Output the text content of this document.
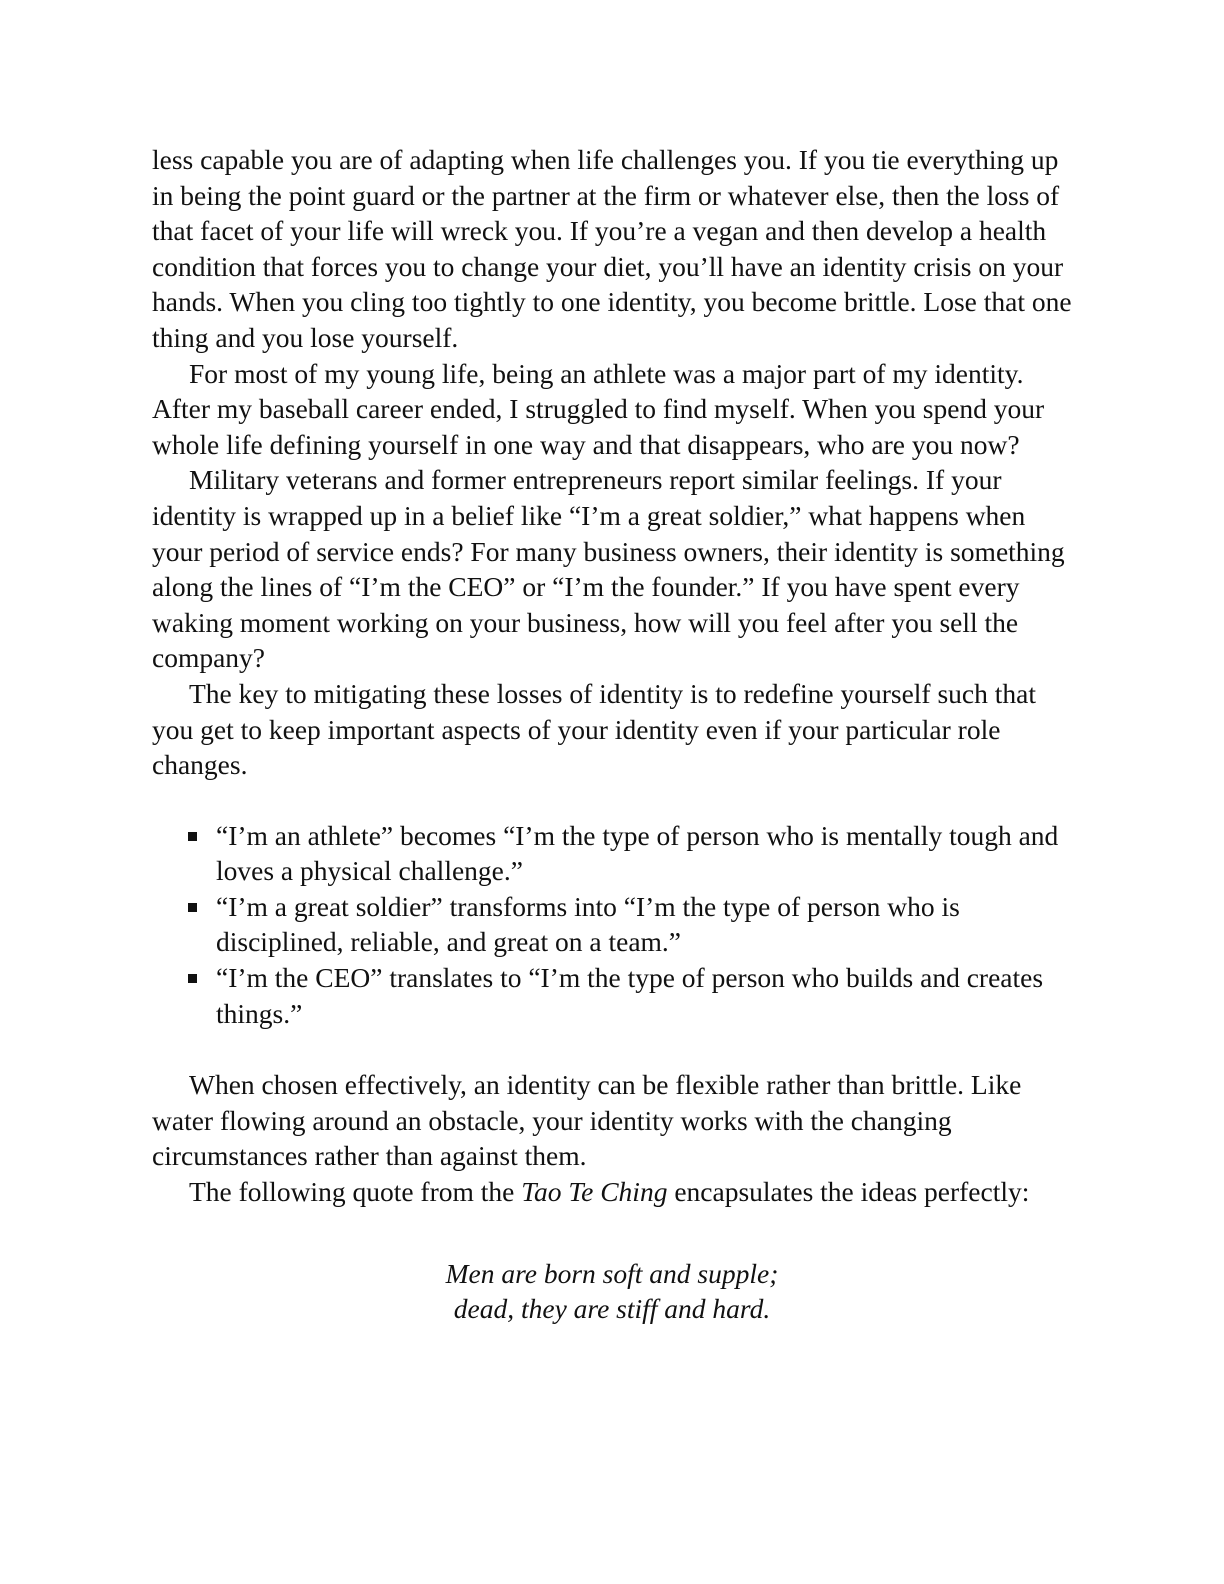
less capable you are of adapting when life challenges you. If you tie everything up in being the point guard or the partner at the firm or whatever else, then the loss of that facet of your life will wreck you. If you’re a vegan and then develop a health condition that forces you to change your diet, you’ll have an identity crisis on your hands. When you cling too tightly to one identity, you become brittle. Lose that one thing and you lose yourself.

For most of my young life, being an athlete was a major part of my identity. After my baseball career ended, I struggled to find myself. When you spend your whole life defining yourself in one way and that disappears, who are you now?

Military veterans and former entrepreneurs report similar feelings. If your identity is wrapped up in a belief like “I’m a great soldier,” what happens when your period of service ends? For many business owners, their identity is something along the lines of “I’m the CEO” or “I’m the founder.” If you have spent every waking moment working on your business, how will you feel after you sell the company?

The key to mitigating these losses of identity is to redefine yourself such that you get to keep important aspects of your identity even if your particular role changes.

“I’m an athlete” becomes “I’m the type of person who is mentally tough and loves a physical challenge.”
“I’m a great soldier” transforms into “I’m the type of person who is disciplined, reliable, and great on a team.”
“I’m the CEO” translates to “I’m the type of person who builds and creates things.”

When chosen effectively, an identity can be flexible rather than brittle. Like water flowing around an obstacle, your identity works with the changing circumstances rather than against them.

The following quote from the Tao Te Ching encapsulates the ideas perfectly:

Men are born soft and supple;
dead, they are stiff and hard.
